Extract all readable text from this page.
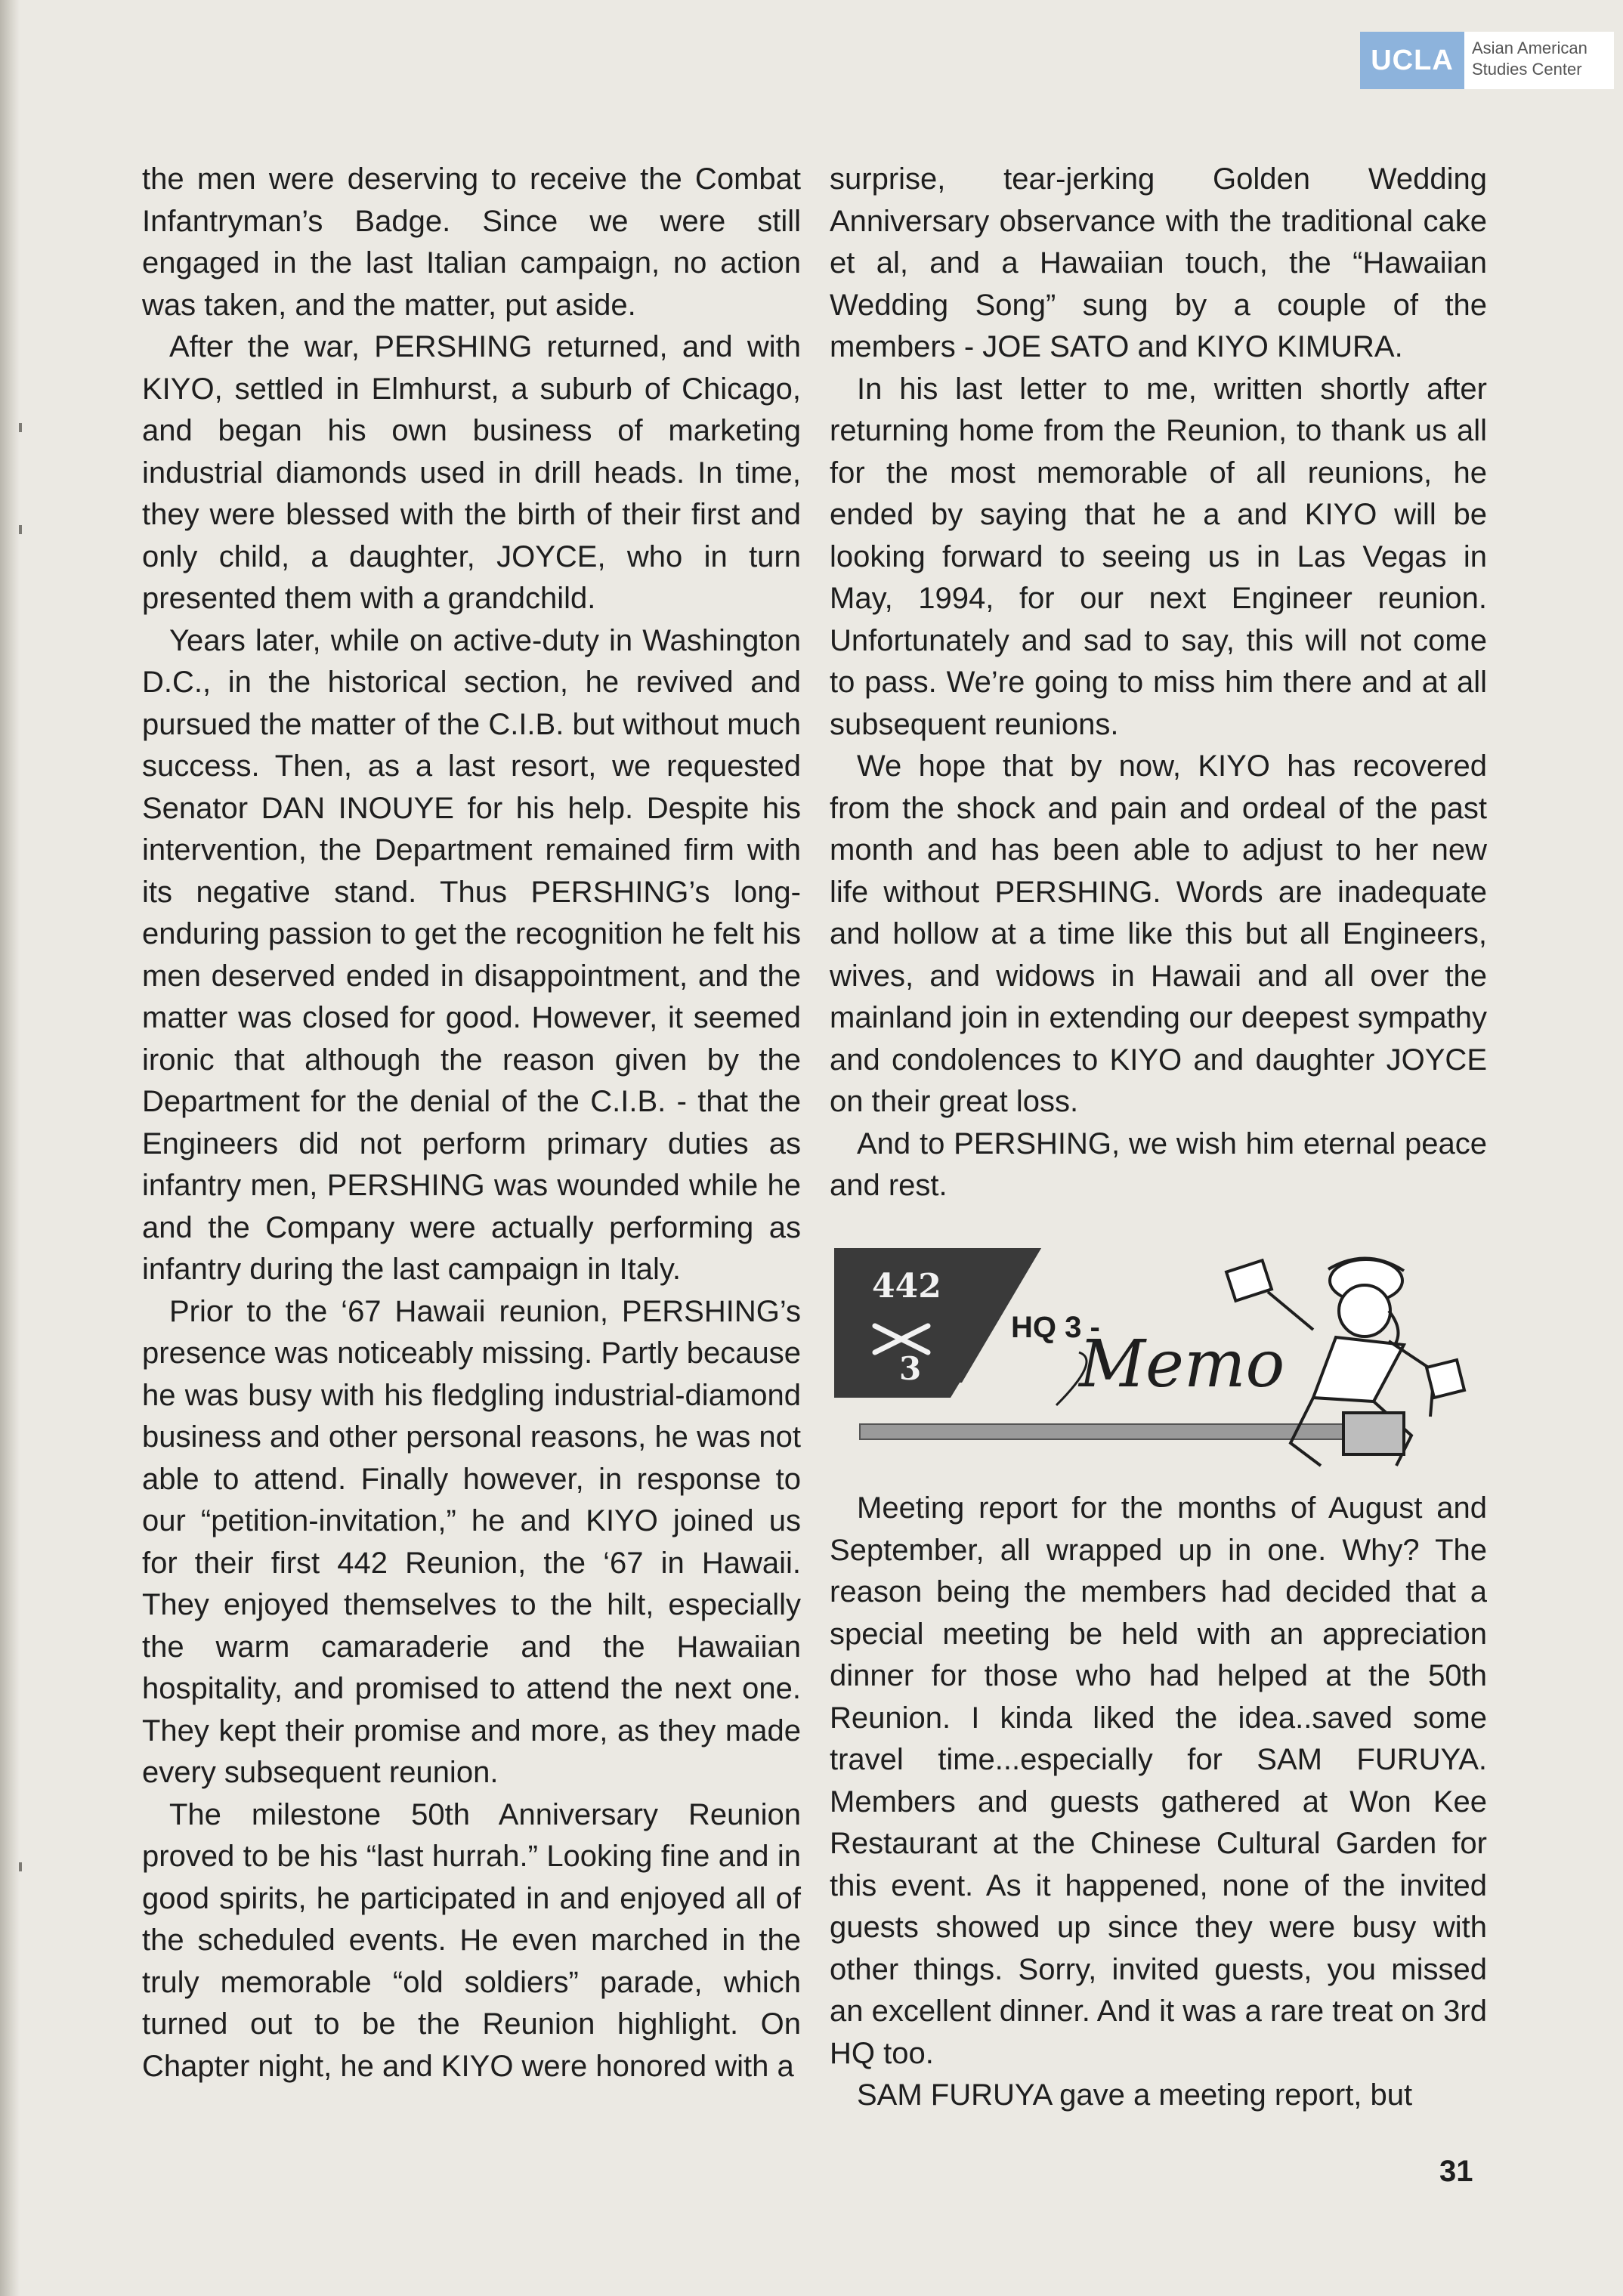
UCLA	Asian American
Studies Center

the men were deserving to receive the Combat Infantryman’s Badge. Since we were still engaged in the last Italian campaign, no action was taken, and the matter, put aside.

After the war, PERSHING returned, and with KIYO, settled in Elmhurst, a suburb of Chicago, and began his own business of marketing industrial diamonds used in drill heads. In time, they were blessed with the birth of their first and only child, a daughter, JOYCE, who in turn presented them with a grandchild.

Years later, while on active-duty in Washington D.C., in the historical section, he revived and pursued the matter of the C.I.B. but without much success. Then, as a last resort, we requested Senator DAN INOUYE for his help. Despite his intervention, the Department remained firm with its negative stand. Thus PERSHING’s long-enduring passion to get the recognition he felt his men deserved ended in disappointment, and the matter was closed for good. However, it seemed ironic that although the reason given by the Department for the denial of the C.I.B. - that the Engineers did not perform primary duties as infantry men, PERSHING was wounded while he and the Company were actually performing as infantry during the last campaign in Italy.

Prior to the ‘67 Hawaii reunion, PERSHING’s presence was noticeably missing. Partly because he was busy with his fledgling industrial-diamond business and other personal reasons, he was not able to attend. Finally however, in response to our “petition-invitation,” he and KIYO joined us for their first 442 Reunion, the ‘67 in Hawaii. They enjoyed themselves to the hilt, especially the warm camaraderie and the Hawaiian hospitality, and promised to attend the next one. They kept their promise and more, as they made every subsequent reunion.

The milestone 50th Anniversary Reunion proved to be his “last hurrah.” Looking fine and in good spirits, he participated in and enjoyed all of the scheduled events. He even marched in the truly memorable “old soldiers” parade, which turned out to be the Reunion highlight. On Chapter night, he and KIYO were honored with a

surprise, tear-jerking Golden Wedding Anniversary observance with the traditional cake et al, and a Hawaiian touch, the “Hawaiian Wedding Song” sung by a couple of the members - JOE SATO and KIYO KIMURA.

In his last letter to me, written shortly after returning home from the Reunion, to thank us all for the most memorable of all reunions, he ended by saying that he a and KIYO will be looking forward to seeing us in Las Vegas in May, 1994, for our next Engineer reunion. Unfortunately and sad to say, this will not come to pass. We’re going to miss him there and at all subsequent reunions.

We hope that by now, KIYO has recovered from the shock and pain and ordeal of the past month and has been able to adjust to her new life without PERSHING. Words are inadequate and hollow at a time like this but all Engineers, wives, and widows in Hawaii and all over the mainland join in extending our deepest sympathy and condolences to KIYO and daughter JOYCE on their great loss.

And to PERSHING, we wish him eternal peace and rest.

442
3
HQ 3 -
Memo

Meeting report for the months of August and September, all wrapped up in one. Why? The reason being the members had decided that a special meeting be held with an appreciation dinner for those who had helped at the 50th Reunion. I kinda liked the idea..saved some travel time...especially for SAM FURUYA. Members and guests gathered at Won Kee Restaurant at the Chinese Cultural Garden for this event. As it happened, none of the invited guests showed up since they were busy with other things. Sorry, invited guests, you missed an excellent dinner. And it was a rare treat on 3rd HQ too.

SAM FURUYA gave a meeting report, but

31
